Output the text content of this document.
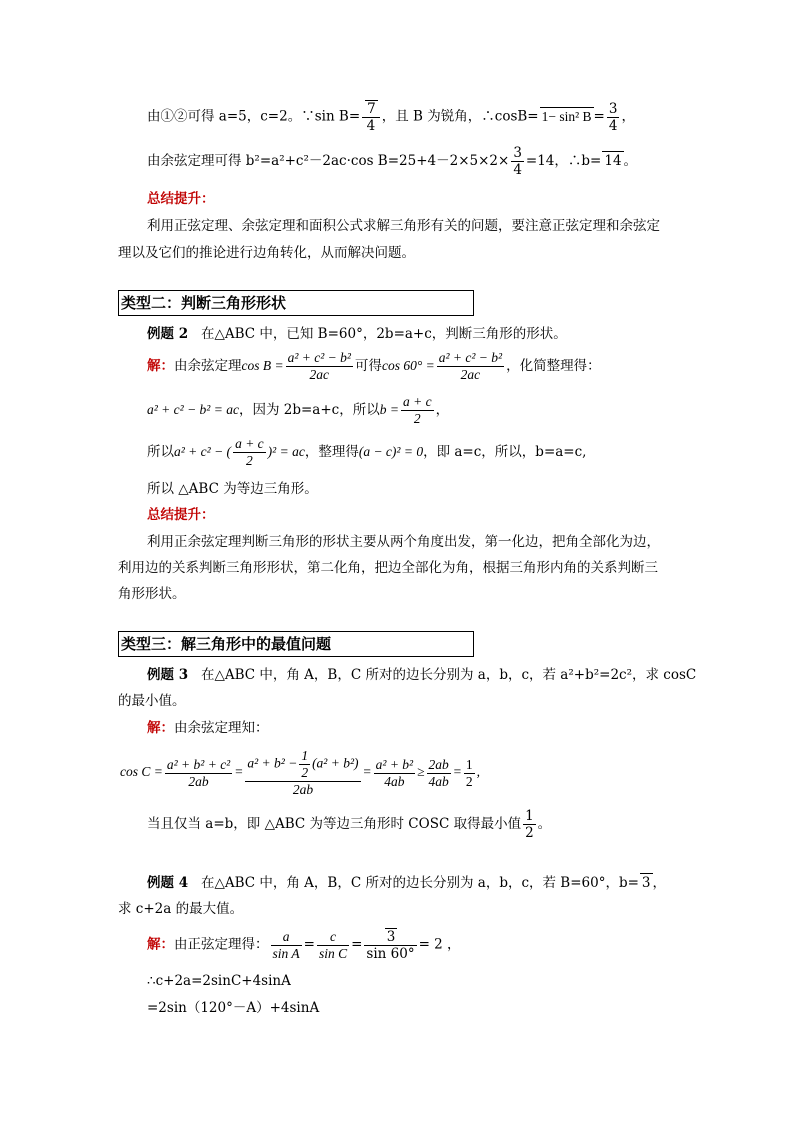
由①②可得 a=5，c=2。∵sin $B= \frac{7}{4}$ ，且 B 为锐角，∴cosB= 1− sin² $B = \frac{3}{4}$ ，
由余弦定理可得 b²=a²+c²－2ac·cos $B=25+4-2\times 5\times 2\times \frac{3}{4} =14$，∴b= 14 。
总结提升：
利用正弦定理、余弦定理和面积公式求解三角形有关的问题，要注意正弦定理和余弦定
理以及它们的推论进行边角转化，从而解决问题。
类型二：判断三角形形状
例题 2 在△ABC 中，已知 B=60°，2b=a+c，判断三角形的形状。
解：由余弦定理$\cos B = \frac{\text{a² + c² − b²}}{2ac}$ 可得$\cos 60^\circ = \frac{\text{a² + c² − b²}}{2ac}$ ，化简整理得：
a² + c² − b² = ac，因为 2b=a+c，所以$b = \frac{a + c}{2}$ ，
所以a² + c² − ( $\frac{a + c}{2} )^2$ = ac，整理得(a − c)² = 0，即 a=c，所以，b=a=c,
所以 △ABC 为等边三角形。
总结提升：
利用正余弦定理判断三角形的形状主要从两个角度出发，第一化边，把角全部化为边，
利用边的关系判断三角形形状，第二化角，把边全部化为角，根据三角形内角的关系判断三
角形形状。
类型三：解三角形中的最值问题
例题 3 在△ABC 中，角 A，B，C 所对的边长分别为 a，b，c，若 a²+b²=2c²，求 cosC
的最小值。
解：由余弦定理知：
$\cos C = \frac{\text{a² + b² + c²}}{2ab} = \frac{a^2 + b^2 - \frac{1}{2} (a^2 + b^2)}{2ab} = \frac{\text{a² + b²}}{4ab} \ge \frac{2ab}{4ab} = \frac{1}{2}$ ,
当且仅当 a=b，即 △ABC 为等边三角形时 COSC 取得最小值 $\frac{1}{2}$ 。
例题 4 在△ABC 中，角 A，B，C 所对的边长分别为 a，b，c，若 B=60°，b= 3 ，
求 c+2a 的最大值。
解：由正弦定理得： $\frac{a}{\text{sin A}} = \frac{c}{\text{sin C}} = \frac{3}{\sin 60^\circ} = 2$ ，
∴c+2a=2sinC+4sinA
=2sin（120°－A）+4sinA
